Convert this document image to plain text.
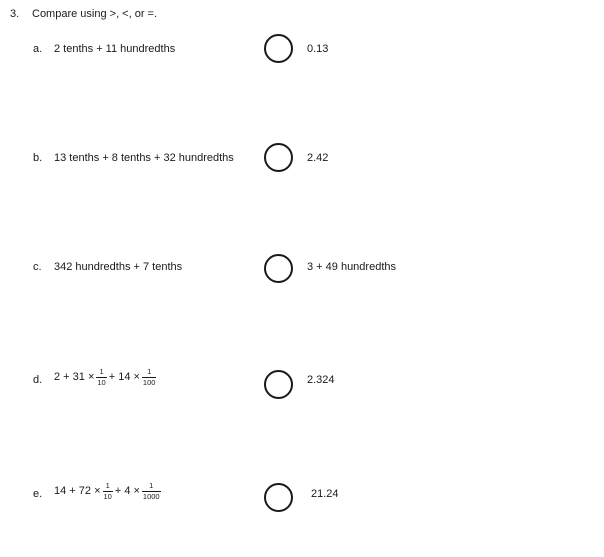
3. Compare using >, <, or =.
a. 2 tenths + 11 hundredths	0.13
b. 13 tenths + 8 tenths + 32 hundredths	2.42
c. 342 hundredths + 7 tenths	3 + 49 hundredths
d. $2 + 31 \times \frac{1}{10} + 14 \times \frac{1}{100}$	2.324
e. $14 + 72 \times \frac{1}{10} + 4 \times \frac{1}{1000}$	21.24
